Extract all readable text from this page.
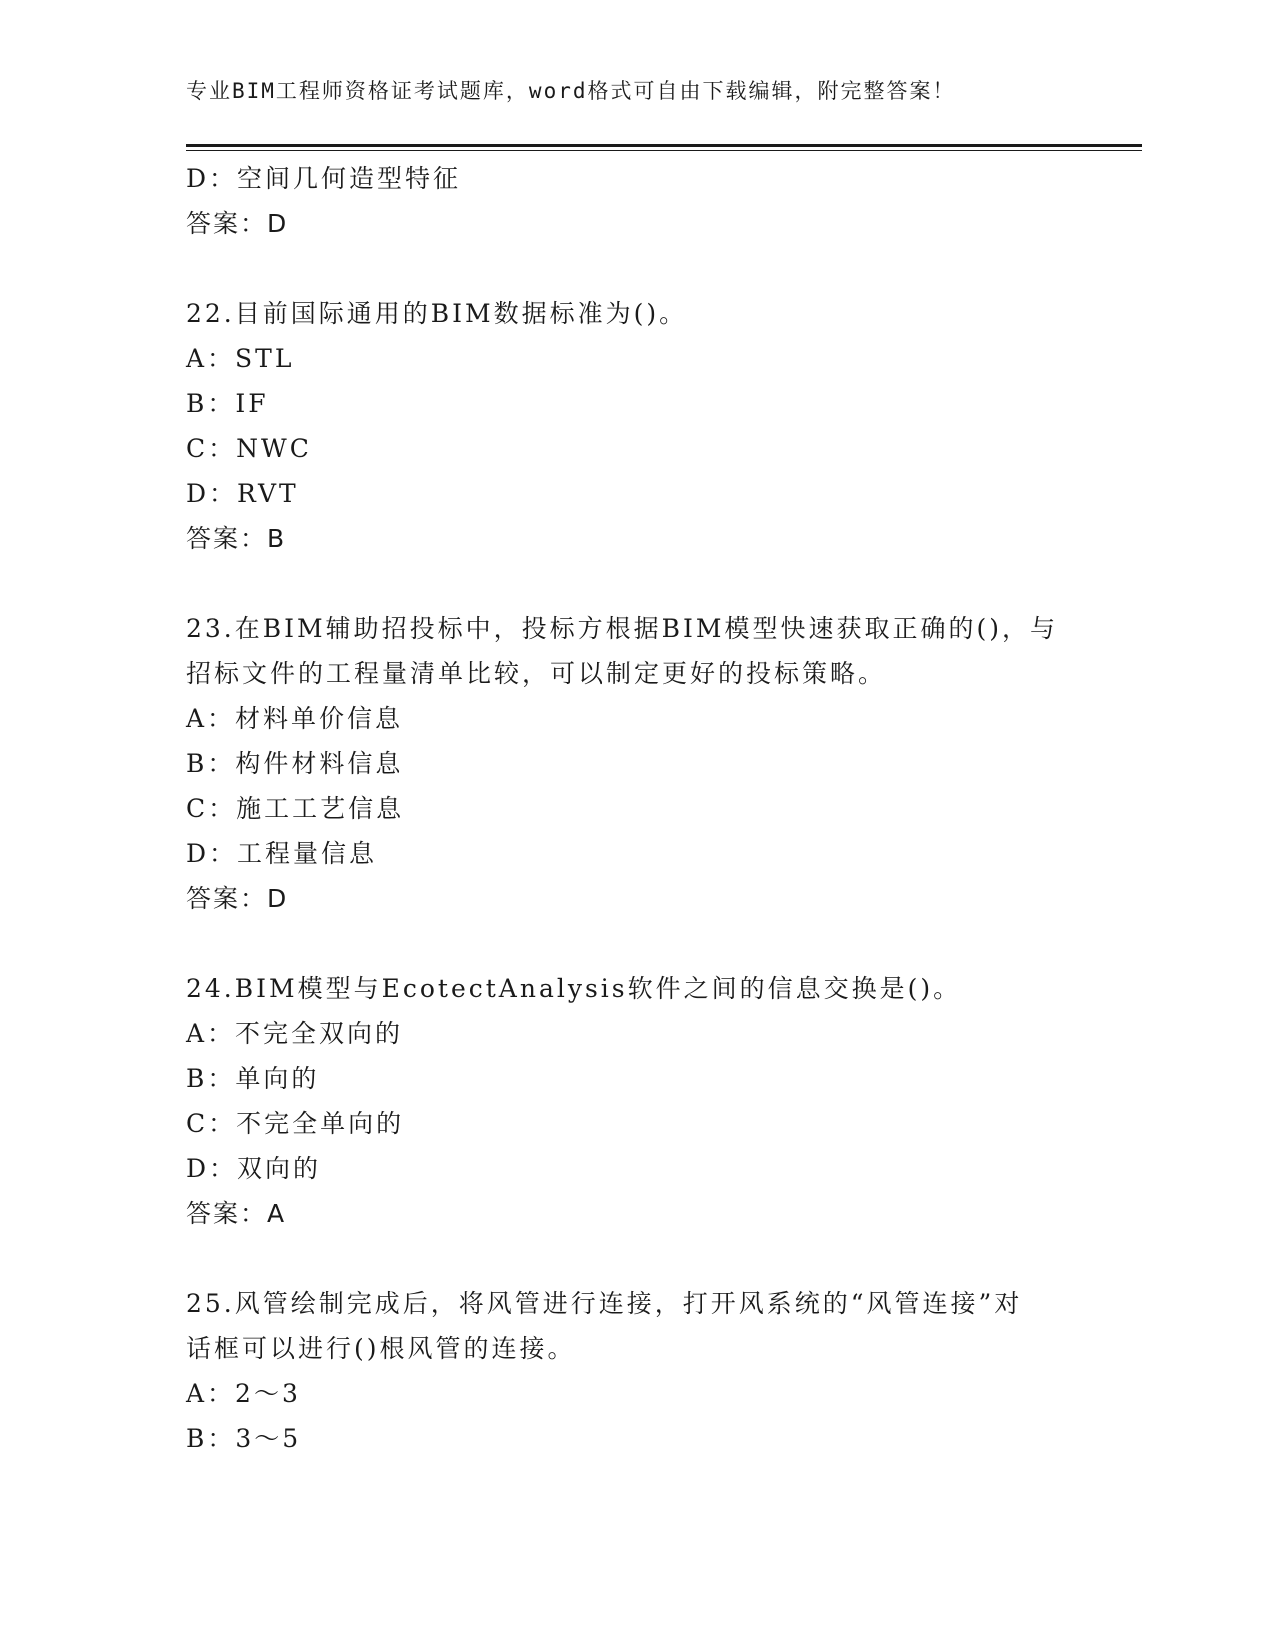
专业BIM工程师资格证考试题库，word格式可自由下载编辑，附完整答案！
D：空间几何造型特征
答案：D
22.目前国际通用的BIM数据标准为()。
A：STL
B：IF
C：NWC
D：RVT
答案：B
23.在BIM辅助招投标中，投标方根据BIM模型快速获取正确的()，与
招标文件的工程量清单比较，可以制定更好的投标策略。
A：材料单价信息
B：构件材料信息
C：施工工艺信息
D：工程量信息
答案：D
24.BIM模型与EcotectAnalysis软件之间的信息交换是()。
A：不完全双向的
B：单向的
C：不完全单向的
D：双向的
答案：A
25.风管绘制完成后，将风管进行连接，打开风系统的“风管连接”对
话框可以进行()根风管的连接。
A：2～3
B：3～5
